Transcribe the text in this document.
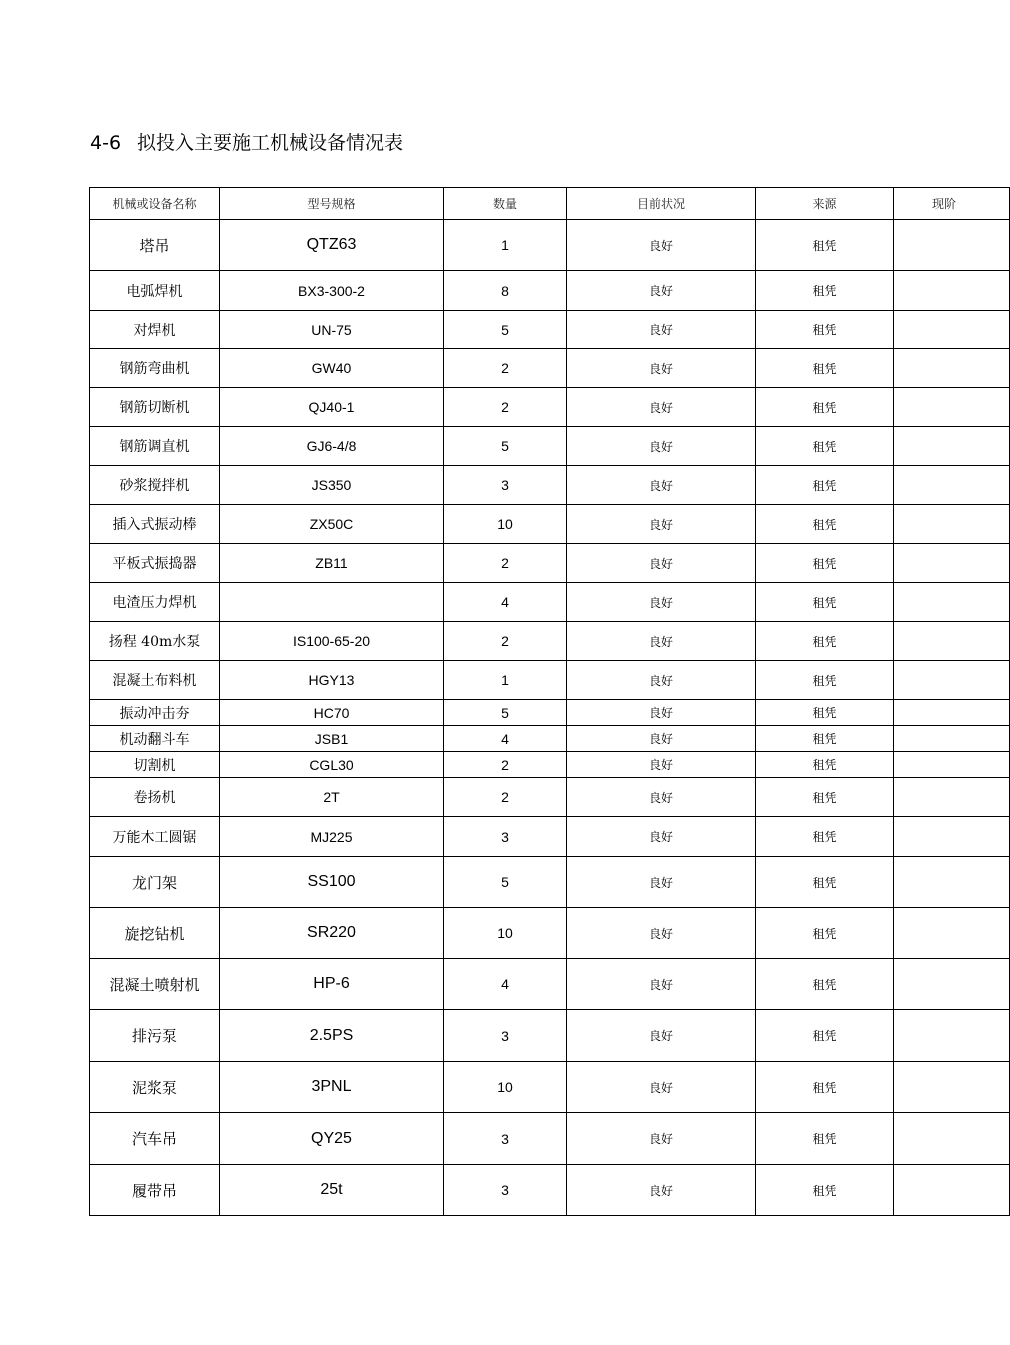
4-6 拟投入主要施工机械设备情况表
机械或设备名称	型号规格	数量	目前状况	来源	现阶
塔吊	QTZ63	1	良好	租凭	
电弧焊机	BX3-300-2	8	良好	租凭	
对焊机	UN-75	5	良好	租凭	
钢筋弯曲机	GW40	2	良好	租凭	
钢筋切断机	QJ40-1	2	良好	租凭	
钢筋调直机	GJ6-4/8	5	良好	租凭	
砂浆搅拌机	JS350	3	良好	租凭	
插入式振动棒	ZX50C	10	良好	租凭	
平板式振捣器	ZB11	2	良好	租凭	
电渣压力焊机		4	良好	租凭	
扬程 40m水泵	IS100-65-20	2	良好	租凭	
混凝土布料机	HGY13	1	良好	租凭	
振动冲击夯	HC70	5	良好	租凭	
机动翻斗车	JSB1	4	良好	租凭	
切割机	CGL30	2	良好	租凭	
卷扬机	2T	2	良好	租凭	
万能木工圆锯	MJ225	3	良好	租凭	
龙门架	SS100	5	良好	租凭	
旋挖钻机	SR220	10	良好	租凭	
混凝土喷射机	HP-6	4	良好	租凭	
排污泵	2.5PS	3	良好	租凭	
泥浆泵	3PNL	10	良好	租凭	
汽车吊	QY25	3	良好	租凭	
履带吊	25t	3	良好	租凭	
